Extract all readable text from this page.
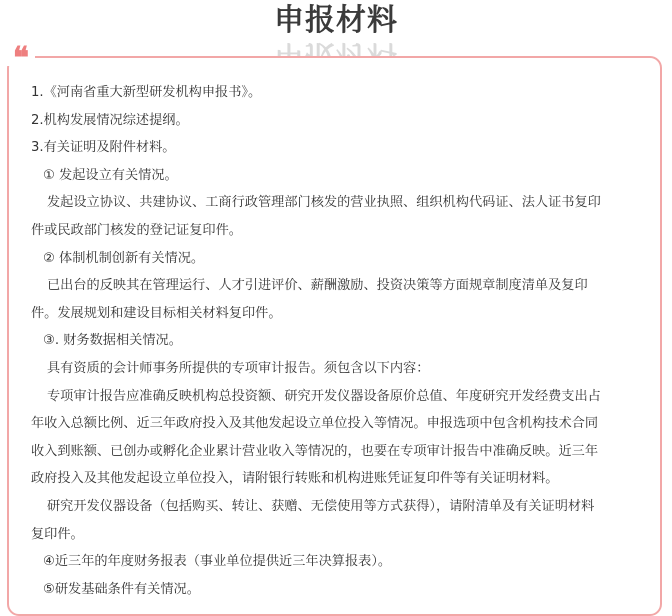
申报材料
❝

1.《河南省重大新型研发机构申报书》。

2.机构发展情况综述提纲。

3.有关证明及附件材料。

① 发起设立有关情况。

发起设立协议、共建协议、工商行政管理部门核发的营业执照、组织机构代码证、法人证书复印

件或民政部门核发的登记证复印件。

② 体制机制创新有关情况。

已出台的反映其在管理运行、人才引进评价、薪酬激励、投资决策等方面规章制度清单及复印

件。发展规划和建设目标相关材料复印件。

③. 财务数据相关情况。

具有资质的会计师事务所提供的专项审计报告。须包含以下内容：

专项审计报告应准确反映机构总投资额、研究开发仪器设备原价总值、年度研究开发经费支出占

年收入总额比例、近三年政府投入及其他发起设立单位投入等情况。申报选项中包含机构技术合同

收入到账额、已创办或孵化企业累计营业收入等情况的，也要在专项审计报告中准确反映。近三年

政府投入及其他发起设立单位投入，请附银行转账和机构进账凭证复印件等有关证明材料。

研究开发仪器设备（包括购买、转让、获赠、无偿使用等方式获得），请附清单及有关证明材料

复印件。

④近三年的年度财务报表（事业单位提供近三年决算报表）。

⑤研发基础条件有关情况。
